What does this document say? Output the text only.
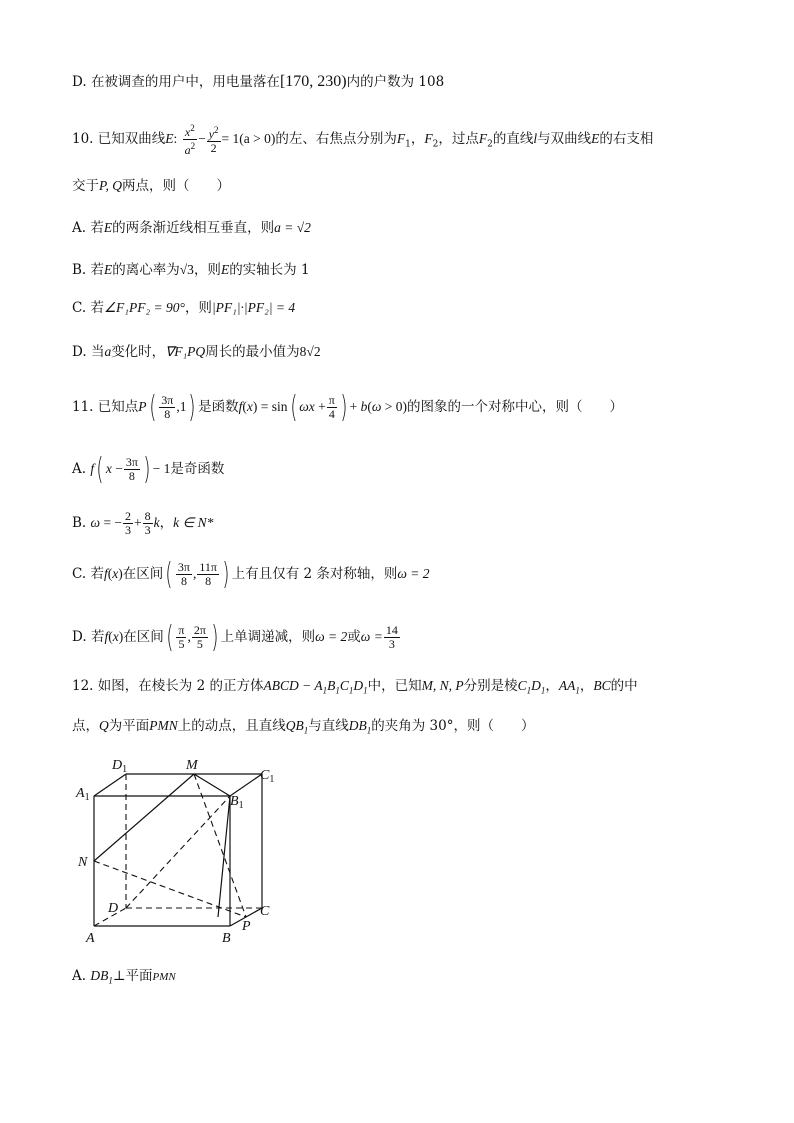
D. 在被调查的用户中，用电量落在[170, 230)内的户数为 108
10. 已知双曲线E: $\frac{x^2}{a^2} - \frac{y^2}{2} = 1(a > 0)$的左、右焦点分别为$F_1$，$F_2$，过点$F_2$的直线l与双曲线E的右支相
交于P, Q两点，则（　　）
A. 若E的两条渐近线相互垂直，则a = √2
B. 若E的离心率为√3，则E的实轴长为 1
C. 若∠F₁PF₂ = 90°，则|PF₁|·|PF₂| = 4
D. 当a变化时，∇F₁PQ周长的最小值为8√2
11. 已知点$P( \frac{3\pi}{8} ,1)$ 是函数f(x) = sin( $\omega x + \frac{\pi}{4}$ ) + b(ω > 0)的图象的一个对称中心，则（　　）
A. f( $x - \frac{3\pi}{8}$ ) − 1是奇函数
B. ω = − $\frac{2}{3} + \frac{8}{3}$ k，k ∈ N*
C. 若f(x)在区间( $\frac{3\pi}{8}$ , $\frac{11\pi}{8}$ ) 上有且仅有 2 条对称轴，则ω = 2
D. 若f(x)在区间( $\frac{\pi}{5}$ , $\frac{2\pi}{5}$ ) 上单调递减，则ω = 2或$\omega = \frac{14}{3}$
12. 如图，在棱长为 2 的正方体ABCD − $A_1B_1C_1D_1$中，已知M, N, P分别是棱$C_1D_1$，$AA_1$，BC的中
点，Q为平面PMN上的动点，且直线$QB_1$与直线$DB_1$的夹角为 30°，则（　　）
$D_1$	M
$C_1$
$A_1$	$B_1$
N
D	C
A	B
P
A. $DB_1\perp$平面PMN
